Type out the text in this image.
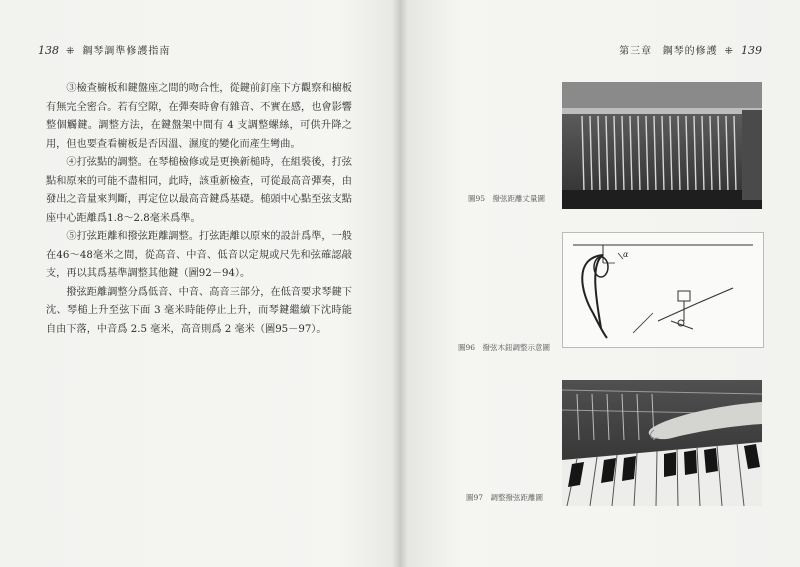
138 ⁜ 鋼琴調準修護指南

③檢查櫥板和鍵盤座之間的吻合性，從鍵前釘座下方觀察和櫥板有無完全密合。若有空隙，在彈奏時會有雜音、不實在感，也會影響整個觸鍵。調整方法，在鍵盤架中間有 4 支調整螺絲，可供升降之用，但也要查看櫥板是否因溫、濕度的變化而產生彎曲。

④打弦點的調整。在琴槌檢修或是更換新槌時，在組裝後，打弦點和原來的可能不盡相同，此時，該重新檢查，可從最高音彈奏，由發出之音量來判斷，再定位以最高音鍵爲基礎。槌頭中心點至弦支點座中心距離爲1.8～2.8毫米爲準。

⑤打弦距離和撥弦距離調整。打弦距離以原來的設計爲準，一般在46～48毫米之間，從高音、中音、低音以定規或尺先和弦確認敲支，再以其爲基準調整其他鍵（圖92－94）。

撥弦距離調整分爲低音、中音、高音三部分，在低音要求琴鍵下沈、琴槌上升至弦下面 3 毫米時能停止上升，而琴鍵繼續下沈時能自由下落，中音爲 2.5 毫米，高音則爲 2 毫米（圖95－97）。

第三章 鋼琴的修護 ⁜ 139
圖95　撥弦距離丈量圖
α
圖96　撥弦木鈕調整示意圖
圖97　調整撥弦距離圖
